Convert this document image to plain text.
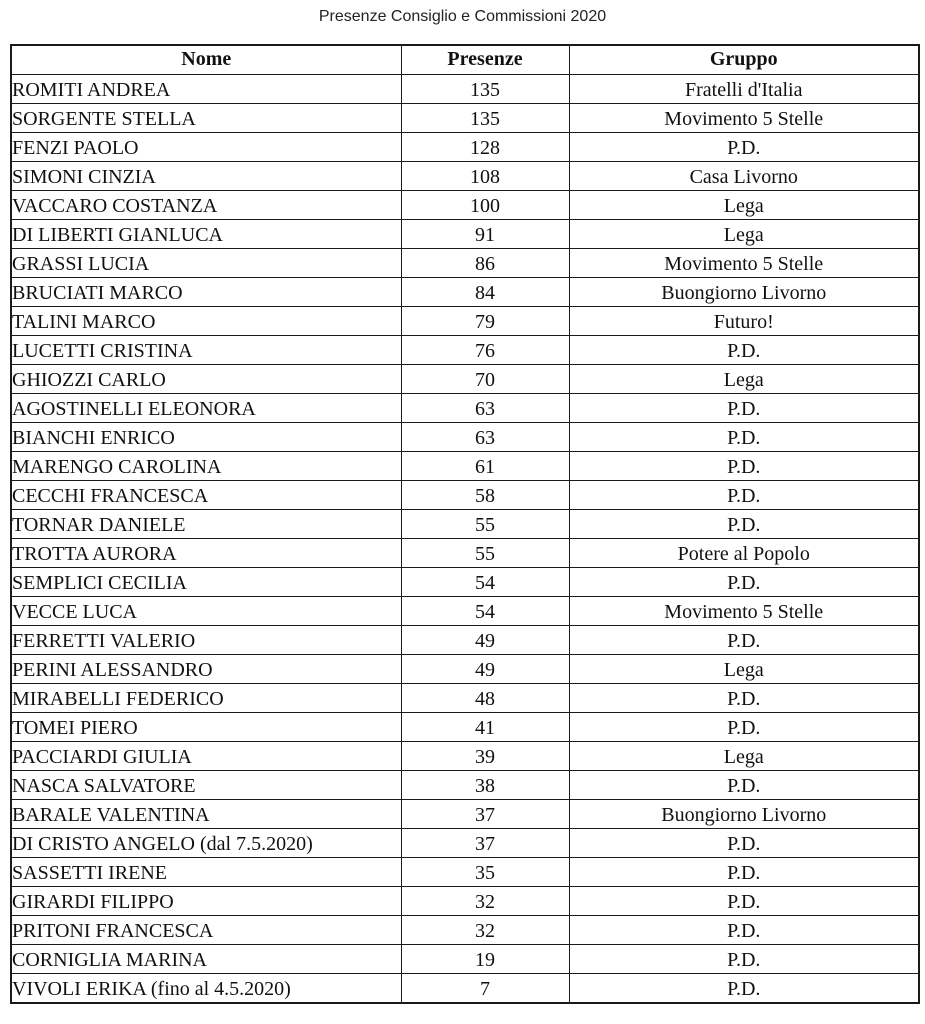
Presenze Consiglio e Commissioni 2020
Nome	Presenze	Gruppo
ROMITI ANDREA	135	Fratelli d'Italia
SORGENTE STELLA	135	Movimento 5 Stelle
FENZI PAOLO	128	P.D.
SIMONI CINZIA	108	Casa Livorno
VACCARO COSTANZA	100	Lega
DI LIBERTI GIANLUCA	91	Lega
GRASSI LUCIA	86	Movimento 5 Stelle
BRUCIATI MARCO	84	Buongiorno Livorno
TALINI MARCO	79	Futuro!
LUCETTI CRISTINA	76	P.D.
GHIOZZI CARLO	70	Lega
AGOSTINELLI ELEONORA	63	P.D.
BIANCHI ENRICO	63	P.D.
MARENGO CAROLINA	61	P.D.
CECCHI FRANCESCA	58	P.D.
TORNAR DANIELE	55	P.D.
TROTTA AURORA	55	Potere al Popolo
SEMPLICI CECILIA	54	P.D.
VECCE LUCA	54	Movimento 5 Stelle
FERRETTI VALERIO	49	P.D.
PERINI ALESSANDRO	49	Lega
MIRABELLI FEDERICO	48	P.D.
TOMEI PIERO	41	P.D.
PACCIARDI GIULIA	39	Lega
NASCA SALVATORE	38	P.D.
BARALE VALENTINA	37	Buongiorno Livorno
DI CRISTO ANGELO (dal 7.5.2020)	37	P.D.
SASSETTI IRENE	35	P.D.
GIRARDI FILIPPO	32	P.D.
PRITONI FRANCESCA	32	P.D.
CORNIGLIA MARINA	19	P.D.
VIVOLI ERIKA (fino al 4.5.2020)	7	P.D.
